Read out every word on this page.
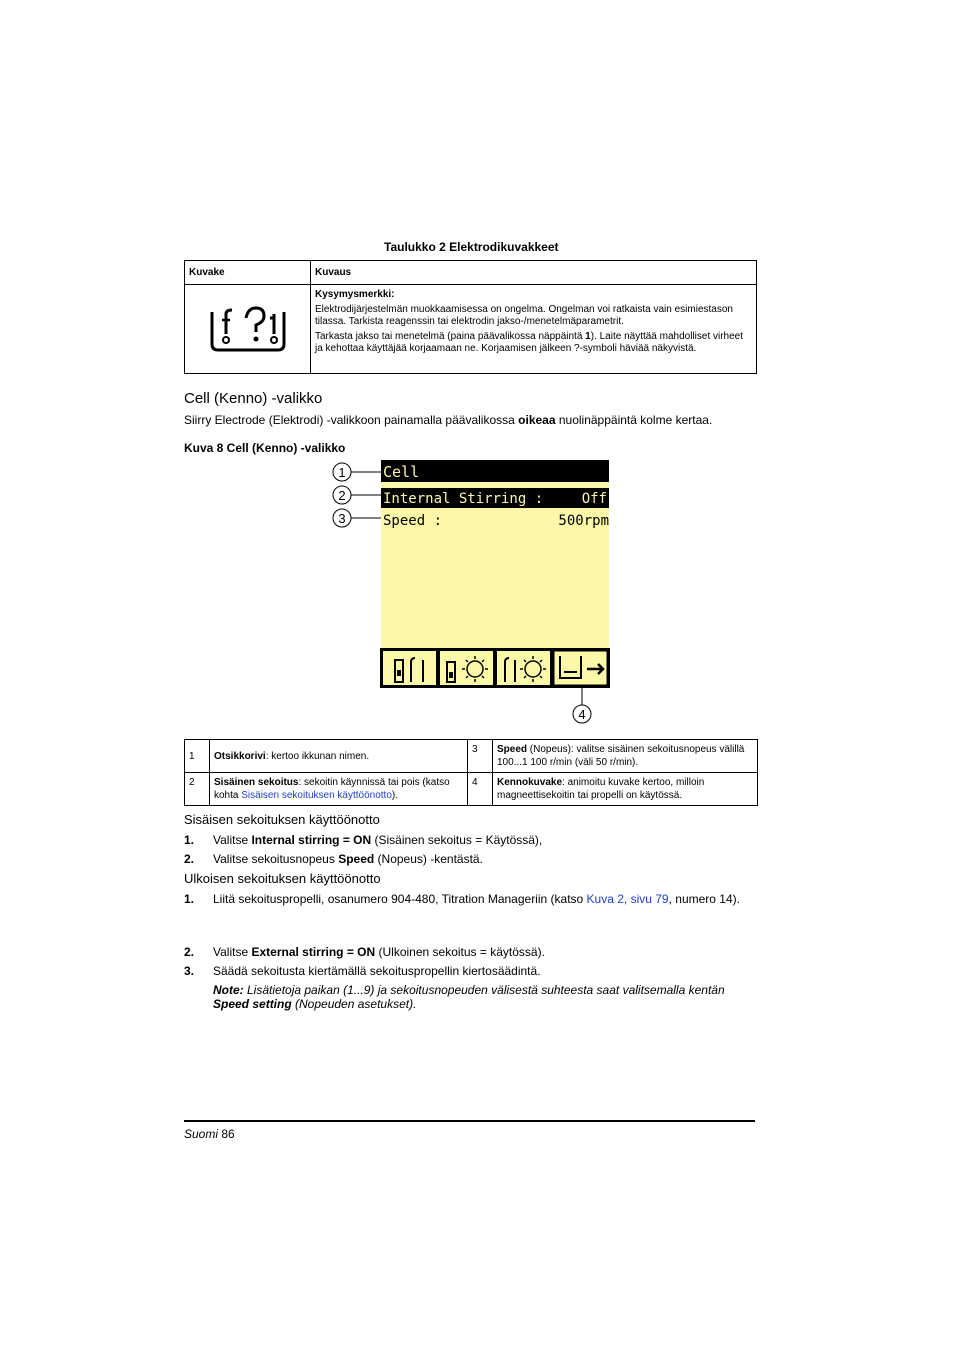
Taulukko 2 Elektrodikuvakkeet
Kuvake	Kuvaus

Kysymysmerkki:

Elektrodijärjestelmän muokkaamisessa on ongelma. Ongelman voi ratkaista vain esimiestason tilassa. Tarkista reagenssin tai elektrodin jakso-/menetelmäparametrit.

Tarkasta jakso tai menetelmä (paina päävalikossa näppäintä 1). Laite näyttää mahdolliset virheet ja kehottaa käyttäjää korjaamaan ne. Korjaamisen jälkeen ?-symboli häviää näkyvistä.

Cell (Kenno) -valikko
Siirry Electrode (Elektrodi) -valikkoon painamalla päävalikossa oikeaa nuolinäppäintä kolme kertaa.
Kuva 8 Cell (Kenno) -valikko
Cell
Internal Stirring :	Off
Speed :	500rpm
1
2
3
4
1	Otsikkorivi: kertoo ikkunan nimen.	3	Speed (Nopeus): valitse sisäinen sekoitusnopeus välillä 100...1 100 r/min (väli 50 r/min).
2	Sisäinen sekoitus: sekoitin käynnissä tai pois (katso kohta Sisäisen sekoituksen käyttöönotto).	4	Kennokuvake: animoitu kuvake kertoo, milloin magneettisekoitin tai propelli on käytössä.
Sisäisen sekoituksen käyttöönotto
1.	Valitse Internal stirring = ON (Sisäinen sekoitus = Käytössä),
2.	Valitse sekoitusnopeus Speed (Nopeus) -kentästä.
Ulkoisen sekoituksen käyttöönotto
1.	Liitä sekoituspropelli, osanumero 904-480, Titration Manageriin (katso Kuva 2, sivu 79, numero 14).
2.	Valitse External stirring = ON (Ulkoinen sekoitus = käytössä).
3.	Säädä sekoitusta kiertämällä sekoituspropellin kiertosäädintä.
Note: Lisätietoja paikan (1...9) ja sekoitusnopeuden välisestä suhteesta saat valitsemalla kentän Speed setting (Nopeuden asetukset).
Suomi 86
